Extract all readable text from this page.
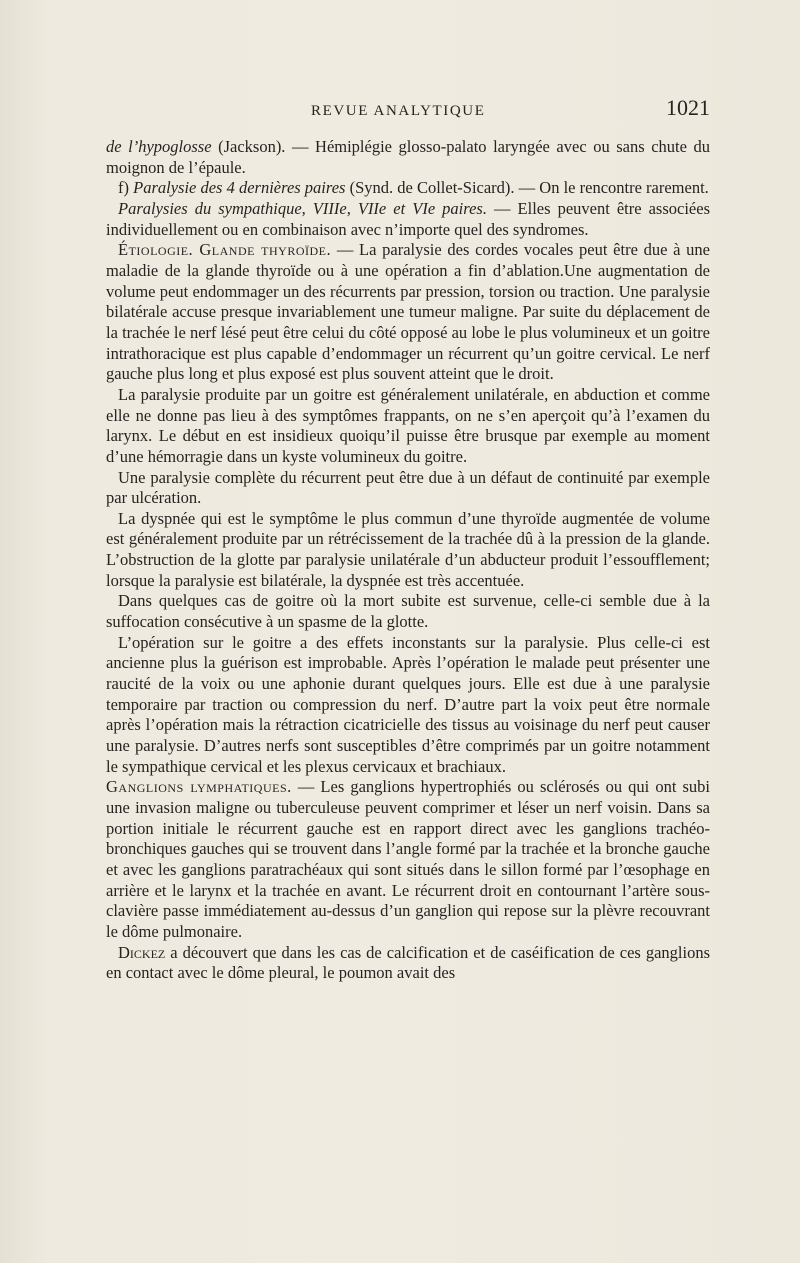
REVUE ANALYTIQUE	1021

de l’hypoglosse (Jackson). — Hémiplégie glosso-palato laryngée avec ou sans chute du moignon de l’épaule.

f) Paralysie des 4 dernières paires (Synd. de Collet-Sicard). — On le rencontre rarement.

Paralysies du sympathique, VIIIe, VIIe et VIe paires. — Elles peuvent être associées individuellement ou en combinaison avec n’importe quel des syndromes.

Étiologie. Glande thyroïde. — La paralysie des cordes vocales peut être due à une maladie de la glande thyroïde ou à une opération a fin d’ablation.Une augmentation de volume peut endommager un des récurrents par pression, torsion ou traction. Une paralysie bilatérale accuse presque invariablement une tumeur maligne. Par suite du déplacement de la trachée le nerf lésé peut être celui du côté opposé au lobe le plus volumineux et un goitre intrathoracique est plus capable d’endommager un récurrent qu’un goitre cervical. Le nerf gauche plus long et plus exposé est plus souvent atteint que le droit.

La paralysie produite par un goitre est généralement unilatérale, en abduction et comme elle ne donne pas lieu à des symptômes frappants, on ne s’en aperçoit qu’à l’examen du larynx. Le début en est insidieux quoiqu’il puisse être brusque par exemple au moment d’une hémorragie dans un kyste volumineux du goitre.

Une paralysie complète du récurrent peut être due à un défaut de continuité par exemple par ulcération.

La dyspnée qui est le symptôme le plus commun d’une thyroïde augmentée de volume est généralement produite par un rétrécissement de la trachée dû à la pression de la glande. L’obstruction de la glotte par paralysie unilatérale d’un abducteur produit l’essoufflement; lorsque la paralysie est bilatérale, la dyspnée est très accentuée.

Dans quelques cas de goitre où la mort subite est survenue, celle-ci semble due à la suffocation consécutive à un spasme de la glotte.

L’opération sur le goitre a des effets inconstants sur la paralysie. Plus celle-ci est ancienne plus la guérison est improbable. Après l’opération le malade peut présenter une raucité de la voix ou une aphonie durant quelques jours. Elle est due à une paralysie temporaire par traction ou compression du nerf. D’autre part la voix peut être normale après l’opération mais la rétraction cicatricielle des tissus au voisinage du nerf peut causer une paralysie. D’autres nerfs sont susceptibles d’être comprimés par un goitre notamment le sympathique cervical et les plexus cervicaux et brachiaux.

Ganglions lymphatiques. — Les ganglions hypertrophiés ou sclérosés ou qui ont subi une invasion maligne ou tuberculeuse peuvent comprimer et léser un nerf voisin. Dans sa portion initiale le récurrent gauche est en rapport direct avec les ganglions trachéo-bronchiques gauches qui se trouvent dans l’angle formé par la trachée et la bronche gauche et avec les ganglions paratrachéaux qui sont situés dans le sillon formé par l’œsophage en arrière et le larynx et la trachée en avant. Le récurrent droit en contournant l’artère sous-clavière passe immédiatement au-dessus d’un ganglion qui repose sur la plèvre recouvrant le dôme pulmonaire.

Dickez a découvert que dans les cas de calcification et de caséification de ces ganglions en contact avec le dôme pleural, le poumon avait des
